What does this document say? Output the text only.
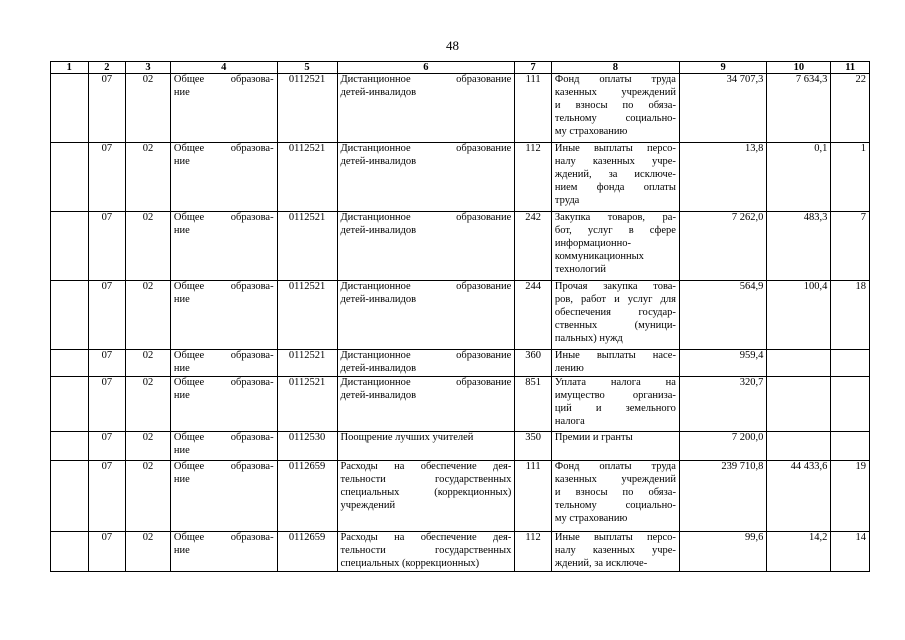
48
1	2	3	4	5	6	7	8	9	10	11
	07	02	Общее образова-
ние	0112521	Дистанционное образование
детей-инвалидов	111	Фонд оплаты труда
казенных учреждений
и взносы по обяза-
тельному социально-
му страхованию	34 707,3	7 634,3	22
	07	02	Общее образова-
ние	0112521	Дистанционное образование
детей-инвалидов	112	Иные выплаты персо-
налу казенных учре-
ждений, за исключе-
нием фонда оплаты
труда	13,8	0,1	1
	07	02	Общее образова-
ние	0112521	Дистанционное образование
детей-инвалидов	242	Закупка товаров, ра-
бот, услуг в сфере
информационно-
коммуникационных
технологий	7 262,0	483,3	7
	07	02	Общее образова-
ние	0112521	Дистанционное образование
детей-инвалидов	244	Прочая закупка това-
ров, работ и услуг для
обеспечения государ-
ственных (муници-
пальных) нужд	564,9	100,4	18
	07	02	Общее образова-
ние	0112521	Дистанционное образование
детей-инвалидов	360	Иные выплаты насе-
лению	959,4		
	07	02	Общее образова-
ние	0112521	Дистанционное образование
детей-инвалидов	851	Уплата налога на
имущество организа-
ций и земельного
налога	320,7		
	07	02	Общее образова-
ние	0112530	Поощрение лучших учителей	350	Премии и гранты	7 200,0		
	07	02	Общее образова-
ние	0112659	Расходы на обеспечение дея-
тельности государственных
специальных (коррекционных)
учреждений	111	Фонд оплаты труда
казенных учреждений
и взносы по обяза-
тельному социально-
му страхованию	239 710,8	44 433,6	19
	07	02	Общее образова-
ние	0112659	Расходы на обеспечение дея-
тельности государственных
специальных (коррекционных)	112	Иные выплаты персо-
налу казенных учре-
ждений, за исключе-	99,6	14,2	14
